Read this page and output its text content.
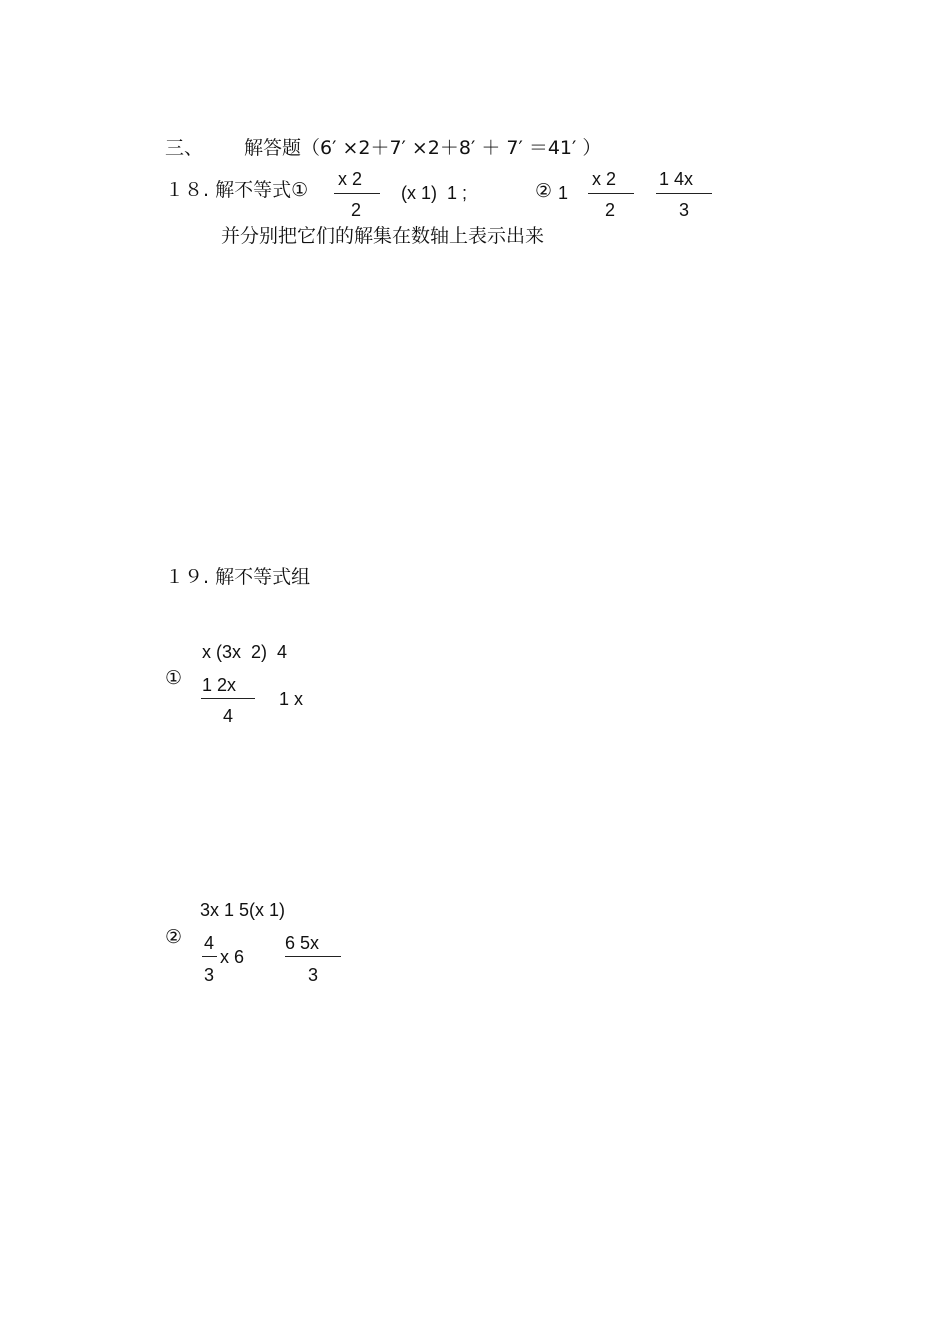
三、 解答题（6′ ×2＋7′ ×2＋8′ ＋ 7′ ＝41′ ）
１８. 解不等式① x 2
2
(x 1)  1 ;	② 1
x 2
2
1 4x
3
并分别把它们的解集在数轴上表示出来
１９. 解不等式组
x (3x  2)  4
① 1 2x
4
1 x
3x 1 5(x 1)
② 4
3
x 6
6 5x
3
